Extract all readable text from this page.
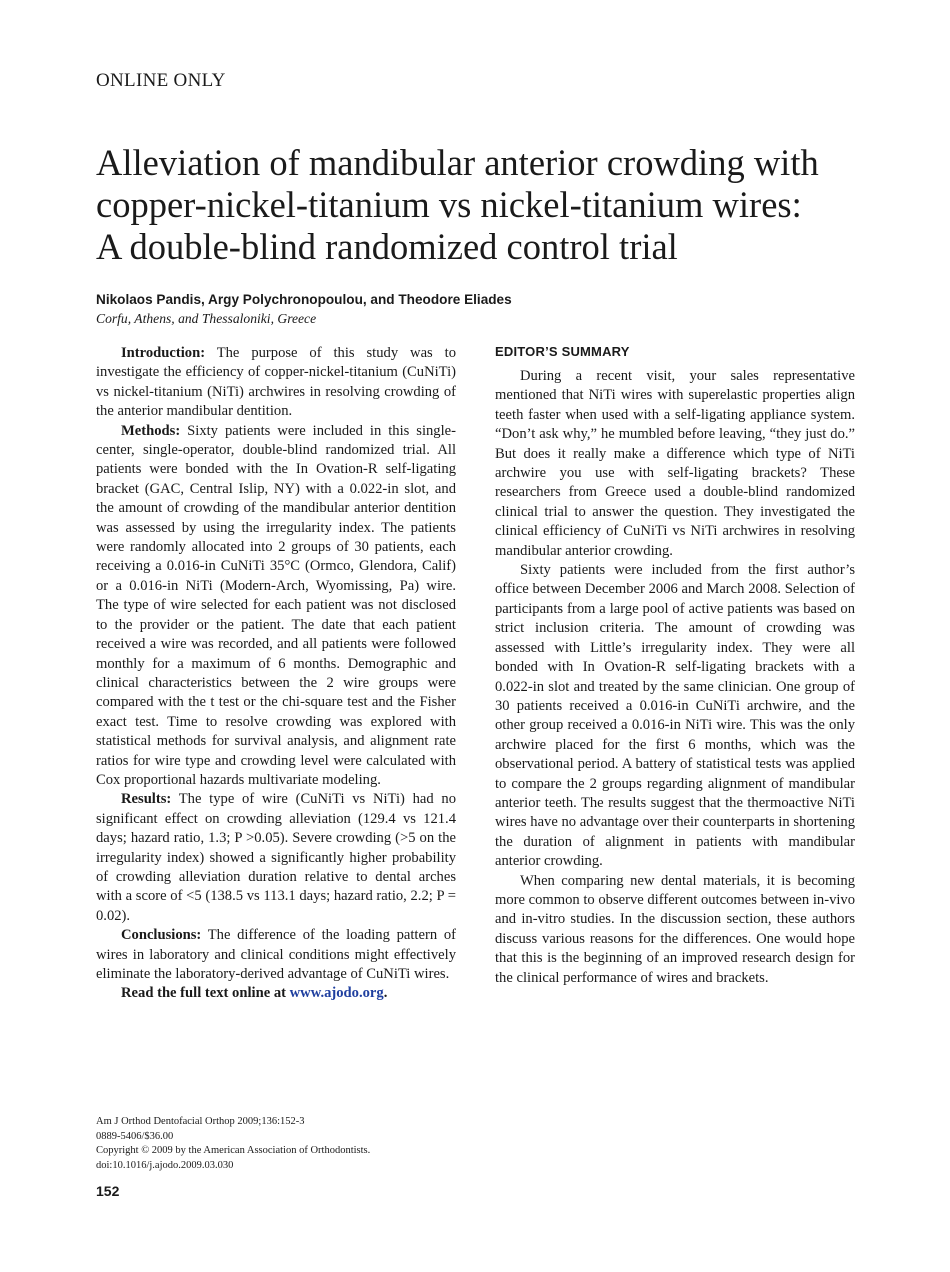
ONLINE ONLY
Alleviation of mandibular anterior crowding with
copper-nickel-titanium vs nickel-titanium wires:
A double-blind randomized control trial
Nikolaos Pandis, Argy Polychronopoulou, and Theodore Eliades
Corfu, Athens, and Thessaloniki, Greece

Introduction: The purpose of this study was to investigate the efficiency of copper-nickel-titanium (CuNiTi) vs nickel-titanium (NiTi) archwires in resolving crowding of the anterior mandibular dentition.

Methods: Sixty patients were included in this single-center, single-operator, double-blind randomized trial. All patients were bonded with the In Ovation-R self-ligating bracket (GAC, Central Islip, NY) with a 0.022-in slot, and the amount of crowding of the mandibular anterior dentition was assessed by using the irregularity index. The patients were randomly allocated into 2 groups of 30 patients, each receiving a 0.016-in CuNiTi 35°C (Ormco, Glendora, Calif) or a 0.016-in NiTi (Modern-Arch, Wyomissing, Pa) wire. The type of wire selected for each patient was not disclosed to the provider or the patient. The date that each patient received a wire was recorded, and all patients were followed monthly for a maximum of 6 months. Demographic and clinical characteristics between the 2 wire groups were compared with the t test or the chi-square test and the Fisher exact test. Time to resolve crowding was explored with statistical methods for survival analysis, and alignment rate ratios for wire type and crowding level were calculated with Cox proportional hazards multivariate modeling.

Results: The type of wire (CuNiTi vs NiTi) had no significant effect on crowding alleviation (129.4 vs 121.4 days; hazard ratio, 1.3; P >0.05). Severe crowding (>5 on the irregularity index) showed a significantly higher probability of crowding alleviation duration relative to dental arches with a score of <5 (138.5 vs 113.1 days; hazard ratio, 2.2; P = 0.02).

Conclusions: The difference of the loading pattern of wires in laboratory and clinical conditions might effectively eliminate the laboratory-derived advantage of CuNiTi wires.

Read the full text online at www.ajodo.org.

EDITOR’S SUMMARY

During a recent visit, your sales representative mentioned that NiTi wires with superelastic properties align teeth faster when used with a self-ligating appliance system. “Don’t ask why,” he mumbled before leaving, “they just do.” But does it really make a difference which type of NiTi archwire you use with self-ligating brackets? These researchers from Greece used a double-blind randomized clinical trial to answer the question. They investigated the clinical efficiency of CuNiTi vs NiTi archwires in resolving mandibular anterior crowding.

Sixty patients were included from the first author’s office between December 2006 and March 2008. Selection of participants from a large pool of active patients was based on strict inclusion criteria. The amount of crowding was assessed with Little’s irregularity index. They were all bonded with In Ovation-R self-ligating brackets with a 0.022-in slot and treated by the same clinician. One group of 30 patients received a 0.016-in CuNiTi archwire, and the other group received a 0.016-in NiTi wire. This was the only archwire placed for the first 6 months, which was the observational period. A battery of statistical tests was applied to compare the 2 groups regarding alignment of mandibular anterior teeth. The results suggest that the thermoactive NiTi wires have no advantage over their counterparts in shortening the duration of alignment in patients with mandibular anterior crowding.

When comparing new dental materials, it is becoming more common to observe different outcomes between in-vivo and in-vitro studies. In the discussion section, these authors discuss various reasons for the differences. One would hope that this is the beginning of an improved research design for the clinical performance of wires and brackets.

Am J Orthod Dentofacial Orthop 2009;136:152-3
0889-5406/$36.00
Copyright © 2009 by the American Association of Orthodontists.
doi:10.1016/j.ajodo.2009.03.030
152
